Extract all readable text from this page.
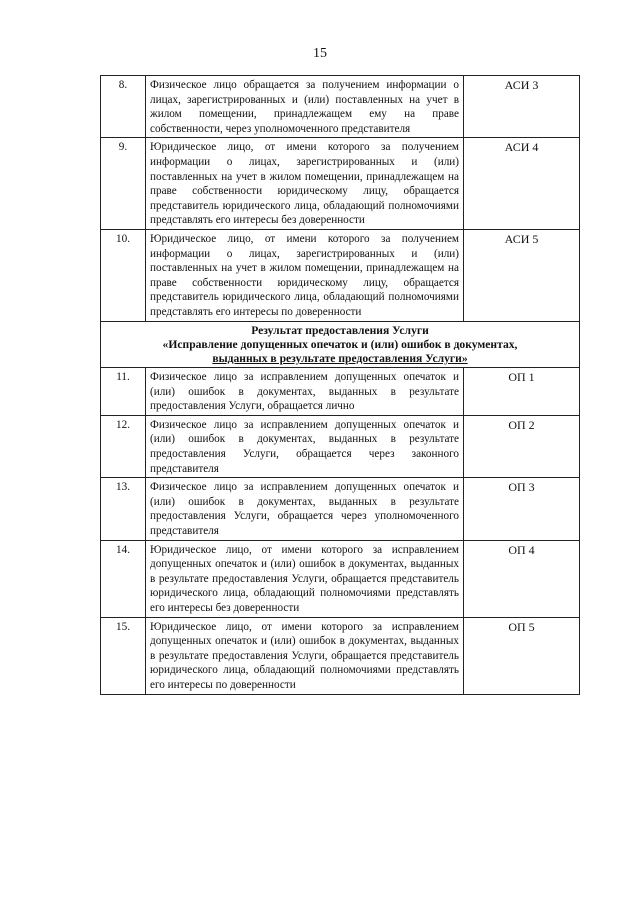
15
8.	Физическое лицо обращается за получением информации о лицах, зарегистрированных и (или) поставленных на учет в жилом помещении, принадлежащем ему на праве собственности, через уполномоченного представителя	АСИ 3
9.	Юридическое лицо, от имени которого за получением информации о лицах, зарегистрированных и (или) поставленных на учет в жилом помещении, принадлежащем на праве собственности юридическому лицу, обращается представитель юридического лица, обладающий полномочиями представлять его интересы без доверенности	АСИ 4
10.	Юридическое лицо, от имени которого за получением информации о лицах, зарегистрированных и (или) поставленных на учет в жилом помещении, принадлежащем на праве собственности юридическому лицу, обращается представитель юридического лица, обладающий полномочиями представлять его интересы по доверенности	АСИ 5

Результат предоставления Услуги
«Исправление допущенных опечаток и (или) ошибок в документах,
выданных в результате предоставления Услуги»		

11.	Физическое лицо за исправлением допущенных опечаток и (или) ошибок в документах, выданных в результате предоставления Услуги, обращается лично	ОП 1
12.	Физическое лицо за исправлением допущенных опечаток и (или) ошибок в документах, выданных в результате предоставления Услуги, обращается через законного представителя	ОП 2
13.	Физическое лицо за исправлением допущенных опечаток и (или) ошибок в документах, выданных в результате предоставления Услуги, обращается через уполномоченного представителя	ОП 3
14.	Юридическое лицо, от имени которого за исправлением допущенных опечаток и (или) ошибок в документах, выданных в результате предоставления Услуги, обращается представитель юридического лица, обладающий полномочиями представлять его интересы без доверенности	ОП 4
15.	Юридическое лицо, от имени которого за исправлением допущенных опечаток и (или) ошибок в документах, выданных в результате предоставления Услуги, обращается представитель юридического лица, обладающий полномочиями представлять его интересы по доверенности	ОП 5
